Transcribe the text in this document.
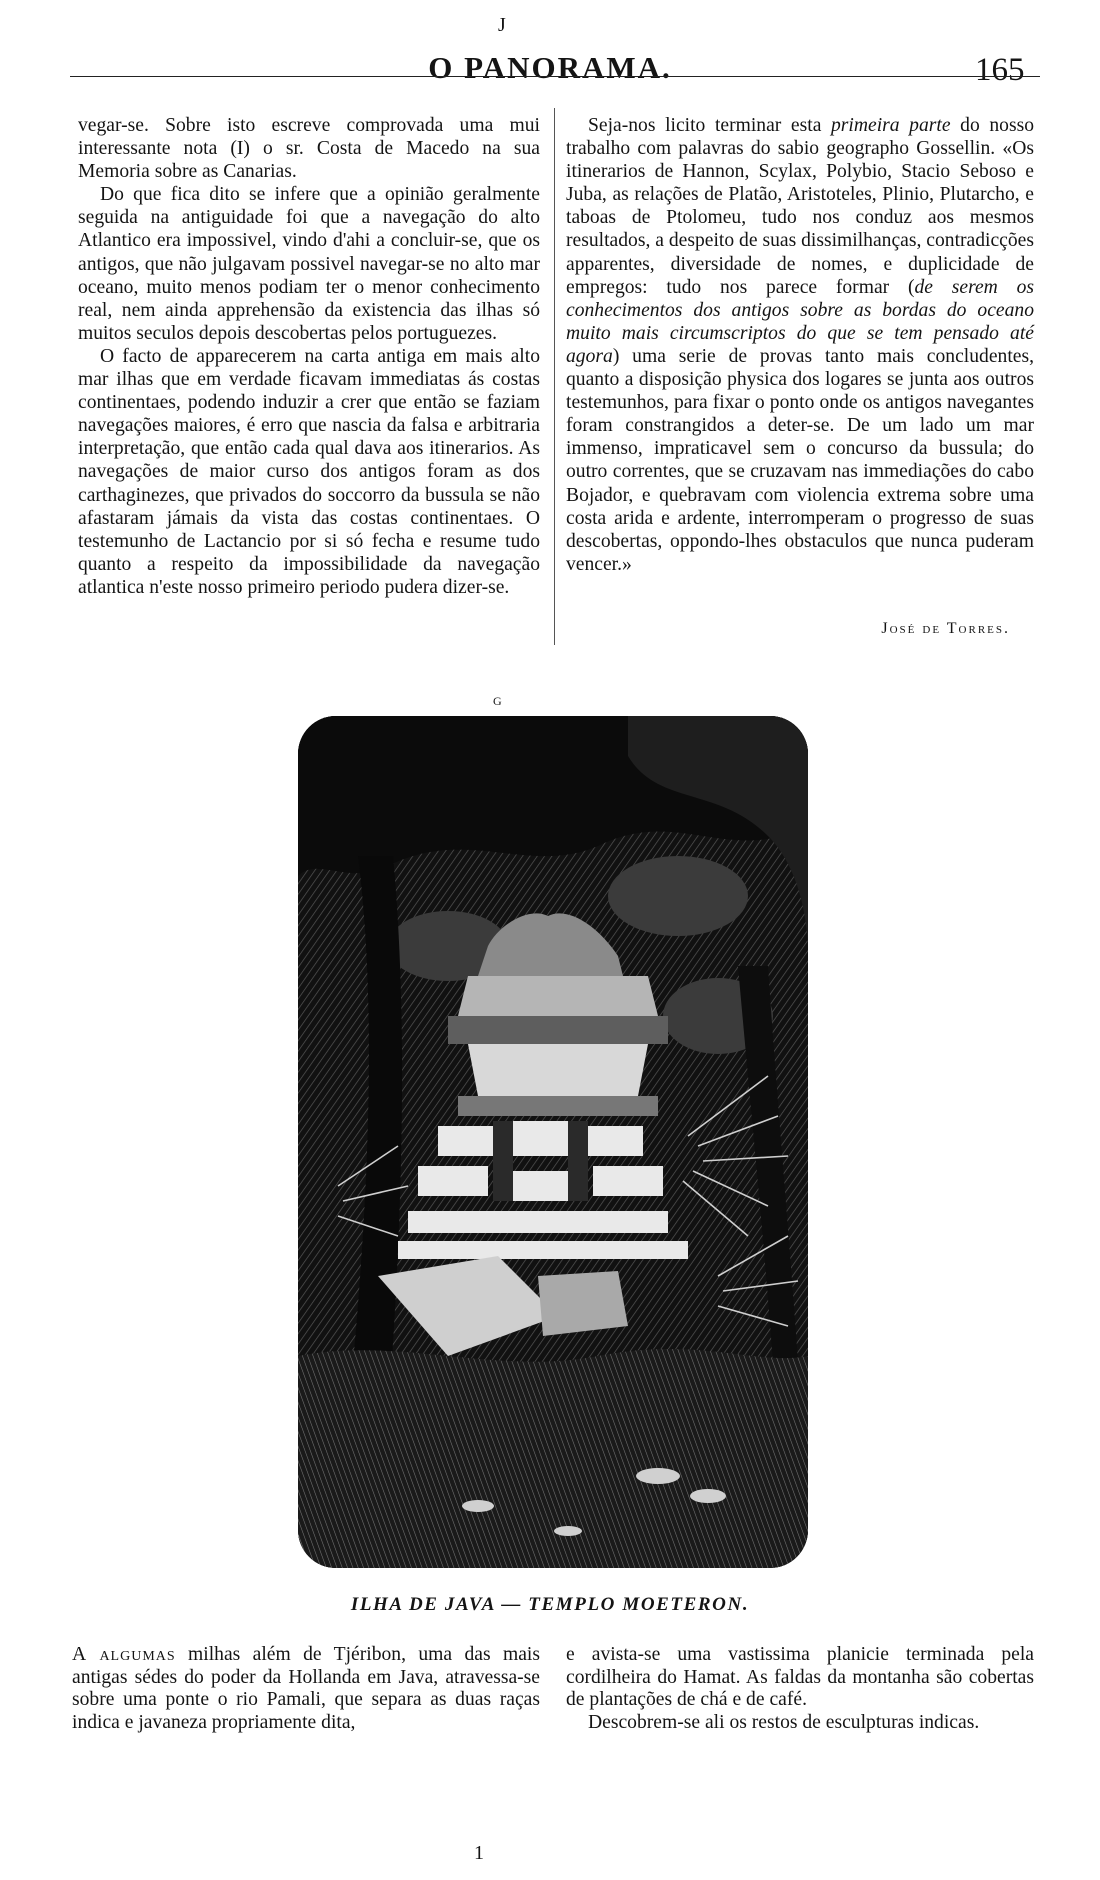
J
O PANORAMA.	165

vegar-se. Sobre isto escreve comprovada uma mui interessante nota (I) o sr. Costa de Macedo na sua Memoria sobre as Canarias.

Do que fica dito se infere que a opinião geralmente seguida na antiguidade foi que a navegação do alto Atlantico era impossivel, vindo d'ahi a concluir-se, que os antigos, que não julgavam possivel navegar-se no alto mar oceano, muito menos podiam ter o menor conhecimento real, nem ainda apprehensão da existencia das ilhas só muitos seculos depois descobertas pelos portuguezes.

O facto de apparecerem na carta antiga em mais alto mar ilhas que em verdade ficavam immediatas ás costas continentaes, podendo induzir a crer que então se faziam navegações maiores, é erro que nascia da falsa e arbitraria interpretação, que então cada qual dava aos itinerarios. As navegações de maior curso dos antigos foram as dos carthaginezes, que privados do soccorro da bussula se não afastaram jámais da vista das costas continentaes. O testemunho de Lactancio por si só fecha e resume tudo quanto a respeito da impossibilidade da navegação atlantica n'este nosso primeiro periodo pudera dizer-se.

Seja-nos licito terminar esta primeira parte do nosso trabalho com palavras do sabio geographo Gossellin. «Os itinerarios de Hannon, Scylax, Polybio, Stacio Seboso e Juba, as relações de Platão, Aristoteles, Plinio, Plutarcho, e taboas de Ptolomeu, tudo nos conduz aos mesmos resultados, a despeito de suas dissimilhanças, contradicções apparentes, diversidade de nomes, e duplicidade de empregos: tudo nos parece formar (de serem os conhecimentos dos antigos sobre as bordas do oceano muito mais circumscriptos do que se tem pensado até agora) uma serie de provas tanto mais concludentes, quanto a disposição physica dos logares se junta aos outros testemunhos, para fixar o ponto onde os antigos navegantes foram constrangidos a deter-se. De um lado um mar immenso, impraticavel sem o concurso da bussula; do outro correntes, que se cruzavam nas immediações do cabo Bojador, e quebravam com violencia extrema sobre uma costa arida e ardente, interromperam o progresso de suas descobertas, oppondo-lhes obstaculos que nunca puderam vencer.»

José de Torres.
G
ILHA DE JAVA — TEMPLO MOETERON.

A algumas milhas além de Tjéribon, uma das mais antigas sédes do poder da Hollanda em Java, atravessa-se sobre uma ponte o rio Pamali, que separa as duas raças indica e javaneza propriamente dita,

e avista-se uma vastissima planicie terminada pela cordilheira do Hamat. As faldas da montanha são cobertas de plantações de chá e de café.

Descobrem-se ali os restos de esculpturas indicas.

1
